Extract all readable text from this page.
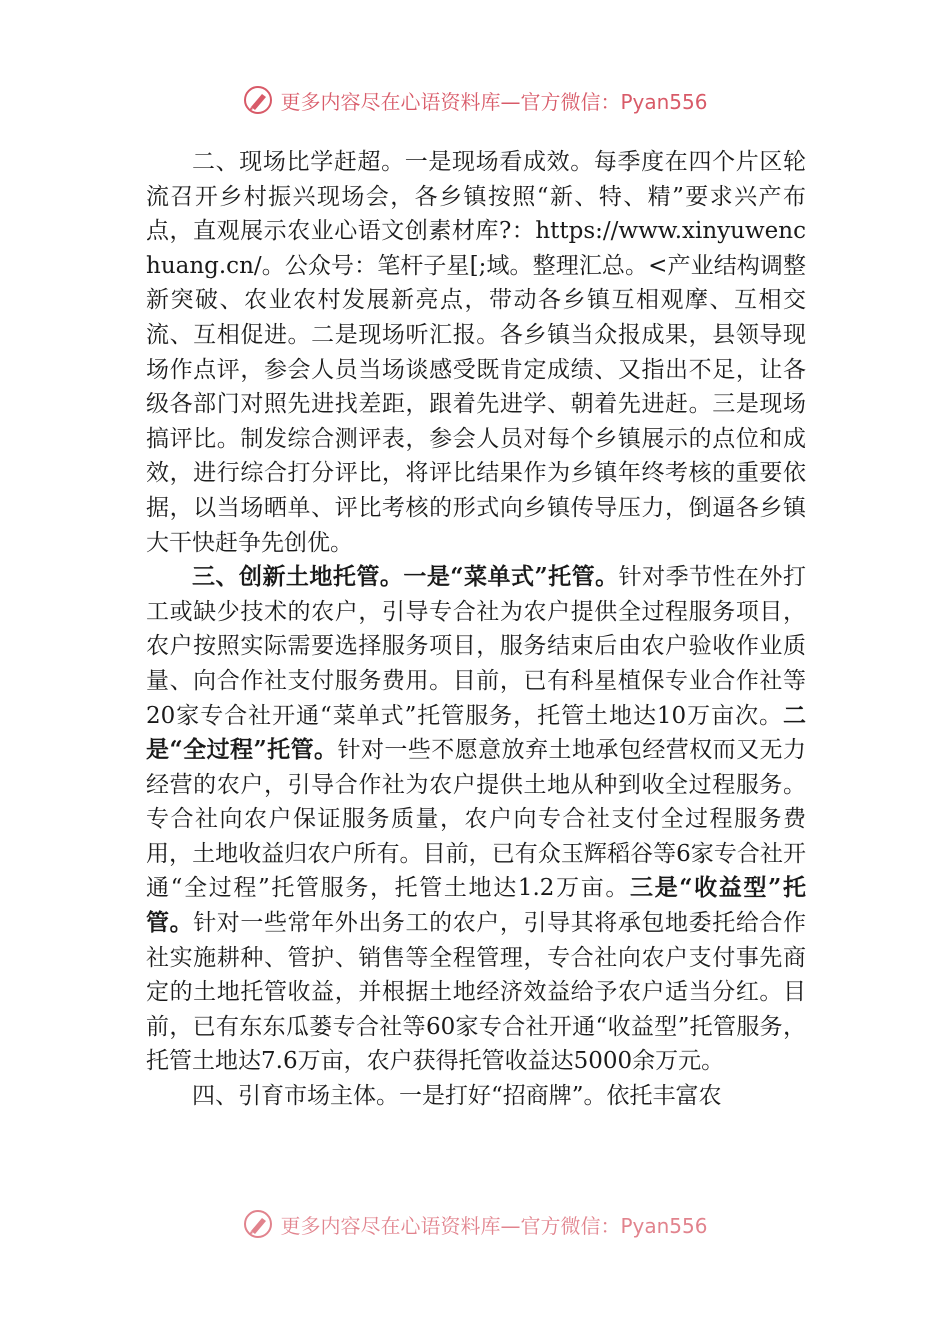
更多内容尽在心语资料库—官方微信：Pyan556

二、现场比学赶超。一是现场看成效。每季度在四个片区轮流召开乡村振兴现场会，各乡镇按照“新、特、精”要求兴产布点，直观展示农业心语文创素材库?：https://www.xinyuwenchuang.cn/。公众号：笔杆子星[;域。整理汇总。<产业结构调整新突破、农业农村发展新亮点，带动各乡镇互相观摩、互相交流、互相促进。二是现场听汇报。各乡镇当众报成果，县领导现场作点评，参会人员当场谈感受既肯定成绩、又指出不足，让各级各部门对照先进找差距，跟着先进学、朝着先进赶。三是现场搞评比。制发综合测评表，参会人员对每个乡镇展示的点位和成效，进行综合打分评比，将评比结果作为乡镇年终考核的重要依据，以当场晒单、评比考核的形式向乡镇传导压力，倒逼各乡镇大干快赶争先创优。

三、创新土地托管。一是“菜单式”托管。针对季节性在外打工或缺少技术的农户，引导专合社为农户提供全过程服务项目，农户按照实际需要选择服务项目，服务结束后由农户验收作业质量、向合作社支付服务费用。目前，已有科星植保专业合作社等20家专合社开通“菜单式”托管服务，托管土地达10万亩次。二是“全过程”托管。针对一些不愿意放弃土地承包经营权而又无力经营的农户，引导合作社为农户提供土地从种到收全过程服务。专合社向农户保证服务质量，农户向专合社支付全过程服务费用，土地收益归农户所有。目前，已有众玉辉稻谷等6家专合社开通“全过程”托管服务，托管土地达1.2万亩。三是“收益型”托管。针对一些常年外出务工的农户，引导其将承包地委托给合作社实施耕种、管护、销售等全程管理，专合社向农户支付事先商定的土地托管收益，并根据土地经济效益给予农户适当分红。目前，已有东东瓜蒌专合社等60家专合社开通“收益型”托管服务，托管土地达7.6万亩，农户获得托管收益达5000余万元。

四、引育市场主体。一是打好“招商牌”。依托丰富农

更多内容尽在心语资料库—官方微信：Pyan556
